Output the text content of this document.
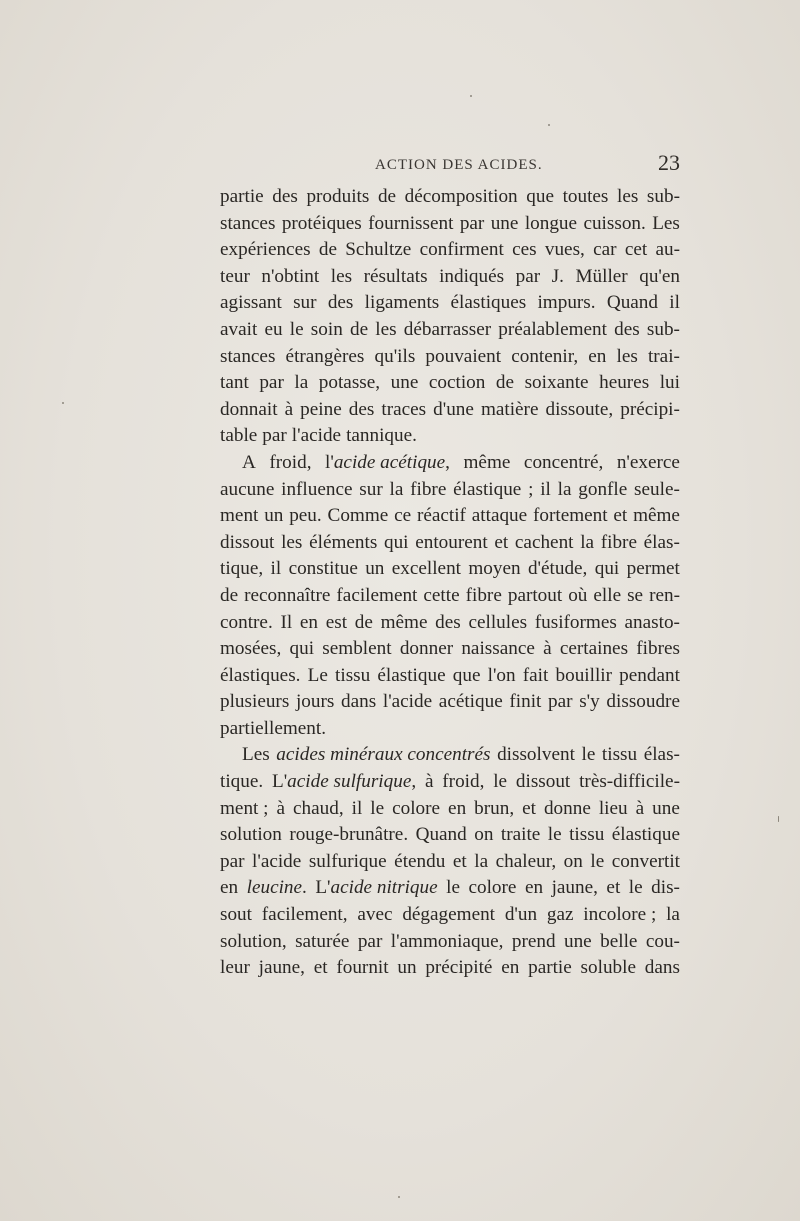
ACTION DES ACIDES.	23
partie des produits de décomposition que toutes les sub-
stances protéiques fournissent par une longue cuisson. Les
expériences de Schultze confirment ces vues, car cet au-
teur n'obtint les résultats indiqués par J. Müller qu'en
agissant sur des ligaments élastiques impurs. Quand il
avait eu le soin de les débarrasser préalablement des sub-
stances étrangères qu'ils pouvaient contenir, en les trai-
tant par la potasse, une coction de soixante heures lui
donnait à peine des traces d'une matière dissoute, précipi-
table par l'acide tannique.
A froid, l'acide acétique, même concentré, n'exerce
aucune influence sur la fibre élastique ; il la gonfle seule-
ment un peu. Comme ce réactif attaque fortement et même
dissout les éléments qui entourent et cachent la fibre élas-
tique, il constitue un excellent moyen d'étude, qui permet
de reconnaître facilement cette fibre partout où elle se ren-
contre. Il en est de même des cellules fusiformes anasto-
mosées, qui semblent donner naissance à certaines fibres
élastiques. Le tissu élastique que l'on fait bouillir pendant
plusieurs jours dans l'acide acétique finit par s'y dissoudre
partiellement.
Les acides minéraux concentrés dissolvent le tissu élas-
tique. L'acide sulfurique, à froid, le dissout très-difficile-
ment ; à chaud, il le colore en brun, et donne lieu à une
solution rouge-brunâtre. Quand on traite le tissu élastique
par l'acide sulfurique étendu et la chaleur, on le convertit
en leucine. L'acide nitrique le colore en jaune, et le dis-
sout facilement, avec dégagement d'un gaz incolore ; la
solution, saturée par l'ammoniaque, prend une belle cou-
leur jaune, et fournit un précipité en partie soluble dans
